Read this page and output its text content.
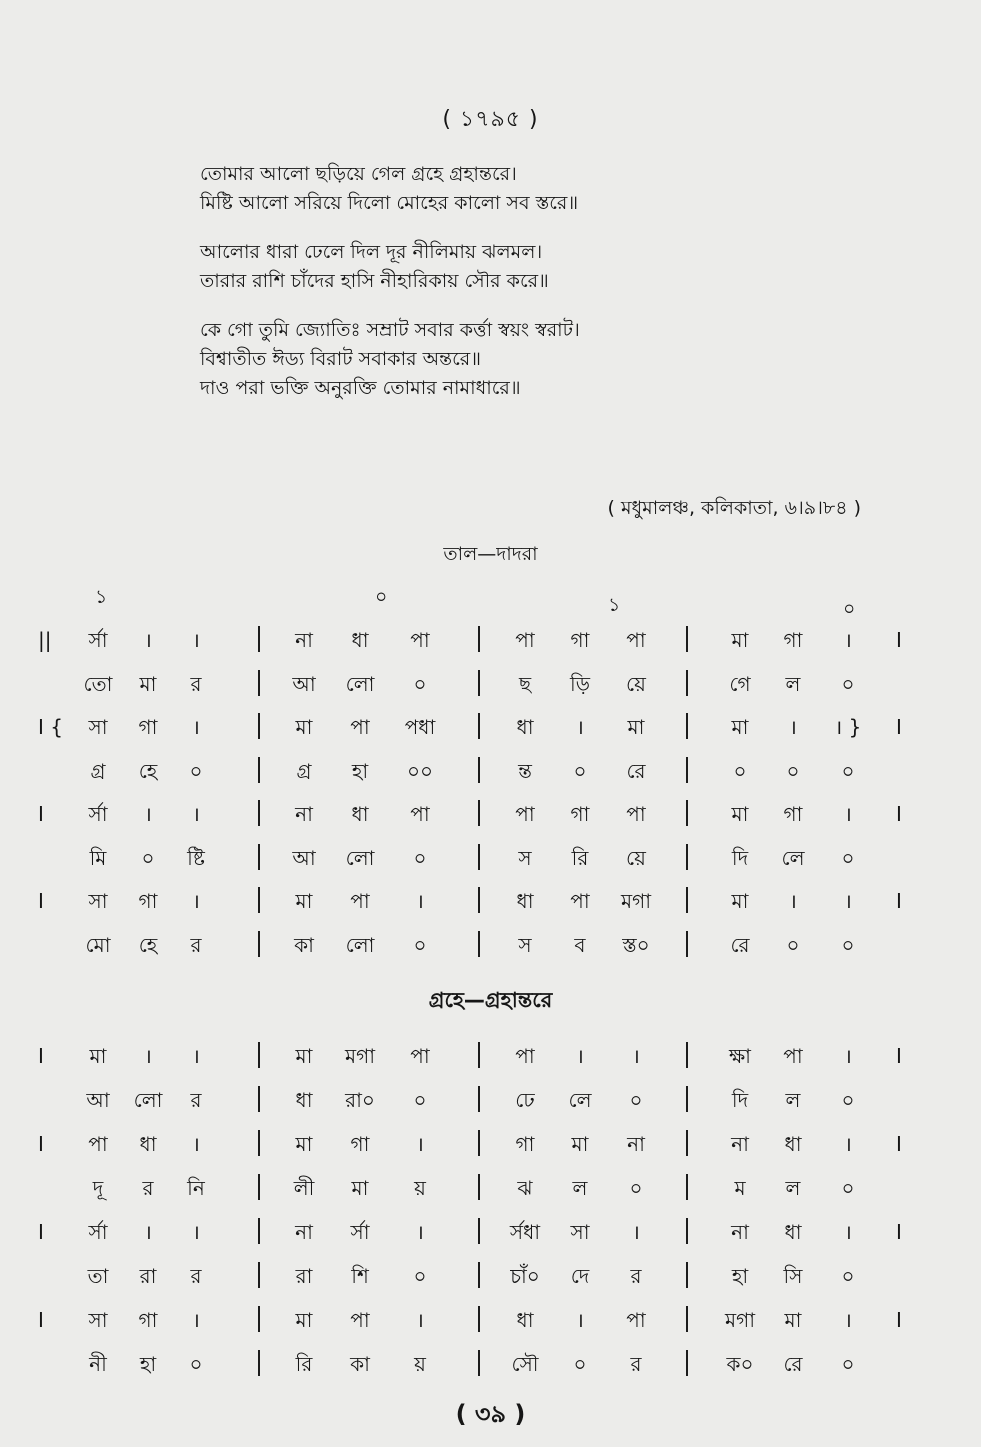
( ১৭৯৫ )
তোমার আলো ছড়িয়ে গেল গ্রহে গ্রহান্তরে।
মিষ্টি আলো সরিয়ে দিলো মোহের কালো সব স্তরে॥
আলোর ধারা ঢেলে দিল দূর নীলিমায় ঝলমল।
তারার রাশি চাঁদের হাসি নীহারিকায় সৌর করে॥
কে গো তুমি জ্যোতিঃ সম্রাট সবার কর্ত্তা স্বয়ং স্বরাট।
বিশ্বাতীত ঈড্য বিরাট সবাকার অন্তরে॥
দাও পরা ভক্তি অনুরক্তি তোমার নামাধারে॥
( মধুমালঞ্চ, কলিকাতা, ৬।৯।৮৪ )
তাল—দাদরা
১	০	১	০
||	র্সা	।	।	না	ধা	পা	পা	গা	পা	মা	গা	।	I
তো	মা	র	আ	লো	০	ছ	ড়ি	য়ে	গে	ল	০
I {	সা	গা	।	মা	পা	পধা	ধা	।	মা	মা	।	। }	I
গ্র	হে	০	গ্র	হা	০০	ন্ত	০	রে	০	০	০
I	র্সা	।	।	না	ধা	পা	পা	গা	পা	মা	গা	।	I
মি	০	ষ্টি	আ	লো	০	স	রি	য়ে	দি	লে	০
I	সা	গা	।	মা	পা	।	ধা	পা	মগা	মা	।	।	I
মো	হে	র	কা	লো	০	স	ব	স্ত০	রে	০	০
গ্রহে—গ্রহান্তরে
I	মা	।	।	মা	মগা	পা	পা	।	।	ক্ষা	পা	।	I
আ	লো	র	ধা	রা০	০	ঢে	লে	০	দি	ল	০
I	পা	ধা	।	মা	গা	।	গা	মা	না	না	ধা	।	I
দূ	র	নি	লী	মা	য়	ঝ	ল	০	ম	ল	০
I	র্সা	।	।	না	র্সা	।	র্সধা	সা	।	না	ধা	।	I
তা	রা	র	রা	শি	০	চাঁ০	দে	র	হা	সি	০
I	সা	গা	।	মা	পা	।	ধা	।	পা	মগা	মা	।	I
নী	হা	০	রি	কা	য়	সৌ	০	র	ক০	রে	০
( ৩৯ )
